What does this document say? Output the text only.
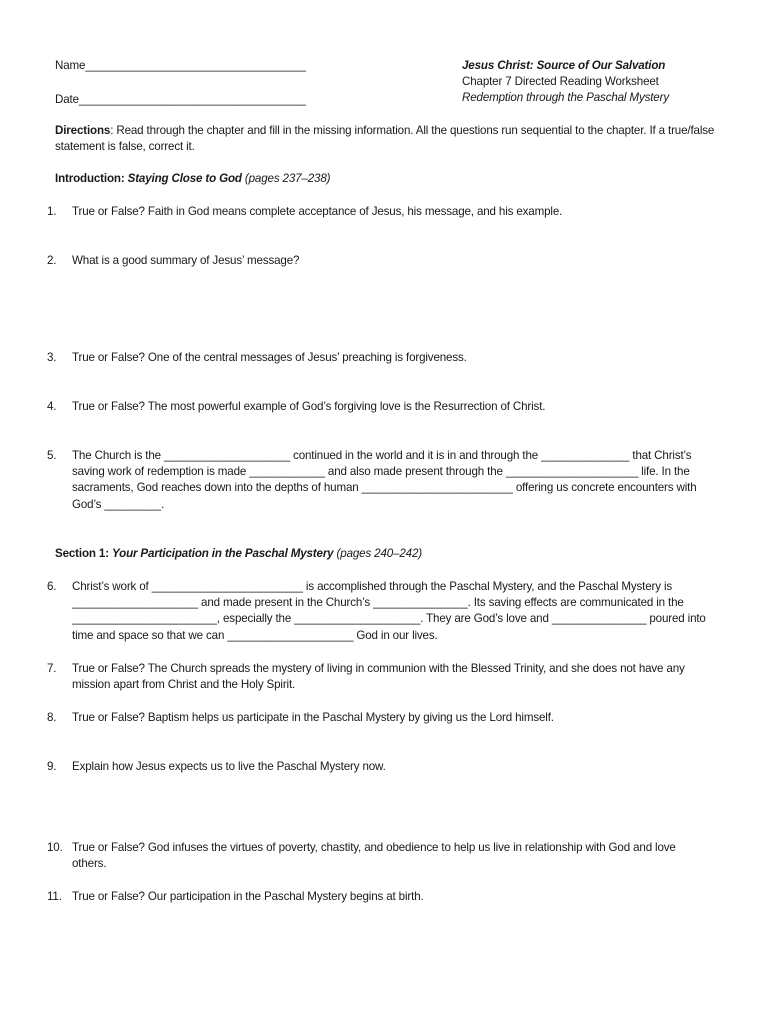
Name___________________________________
Date____________________________________
Jesus Christ: Source of Our Salvation
Chapter 7 Directed Reading Worksheet
Redemption through the Paschal Mystery
Directions: Read through the chapter and fill in the missing information. All the questions run sequential to the chapter. If a true/false statement is false, correct it.
Introduction: Staying Close to God (pages 237–238)
1.	True or False? Faith in God means complete acceptance of Jesus, his message, and his example.
2.	What is a good summary of Jesus’ message?
3.	True or False? One of the central messages of Jesus’ preaching is forgiveness.
4.	True or False? The most powerful example of God’s forgiving love is the Resurrection of Christ.
5.	The Church is the ____________________ continued in the world and it is in and through the ______________ that Christ’s saving work of redemption is made ____________ and also made present through the _____________________ life. In the sacraments, God reaches down into the depths of human ________________________ offering us concrete encounters with God’s _________.
Section 1: Your Participation in the Paschal Mystery (pages 240–242)
6.	Christ’s work of ________________________ is accomplished through the Paschal Mystery, and the Paschal Mystery is ____________________ and made present in the Church’s _______________. Its saving effects are communicated in the _______________________, especially the ____________________. They are God’s love and _______________ poured into time and space so that we can ____________________ God in our lives.
7.	True or False? The Church spreads the mystery of living in communion with the Blessed Trinity, and she does not have any mission apart from Christ and the Holy Spirit.
8.	True or False? Baptism helps us participate in the Paschal Mystery by giving us the Lord himself.
9.	Explain how Jesus expects us to live the Paschal Mystery now.
10. True or False? God infuses the virtues of poverty, chastity, and obedience to help us live in relationship with God and love others.
11. True or False? Our participation in the Paschal Mystery begins at birth.
